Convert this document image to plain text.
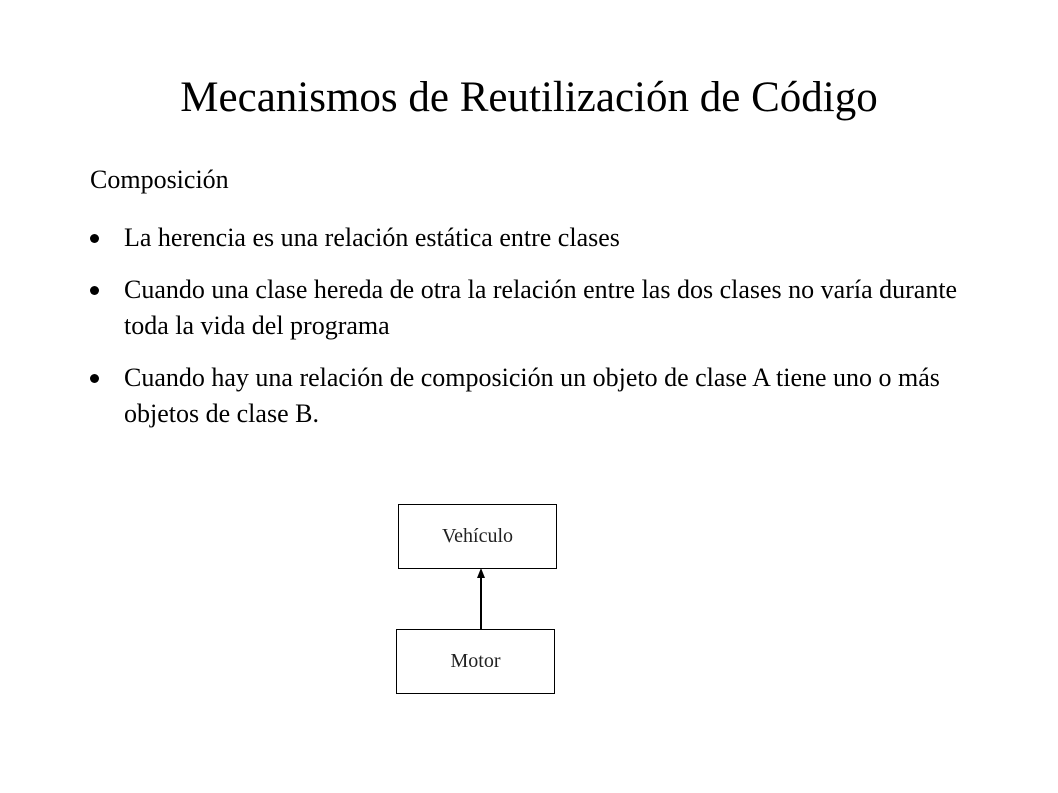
Mecanismos de Reutilización de Código
Composición
La herencia es una relación estática entre clases
Cuando una clase hereda de otra la relación entre las dos clases no varía durante toda la vida del programa
Cuando hay una relación de composición un objeto de clase A tiene uno o más objetos de clase B.
Vehículo
Motor
